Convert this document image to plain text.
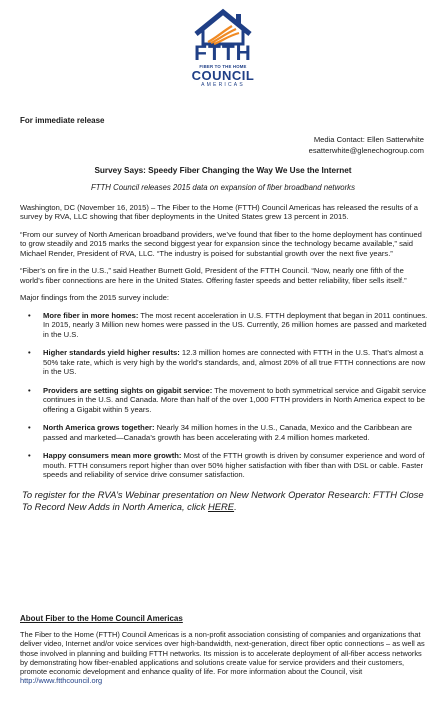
FTTH
FIBER TO THE HOME
COUNCIL
AMERICAS
For immediate release
Media Contact: Ellen Satterwhite
esatterwhite@glenechogroup.com
Survey Says: Speedy Fiber Changing the Way We Use the Internet
FTTH Council releases 2015 data on expansion of fiber broadband networks

Washington, DC (November 16, 2015) – The Fiber to the Home (FTTH) Council Americas has released the results of a survey by RVA, LLC showing that fiber deployments in the United States grew 13 percent in 2015.

“From our survey of North American broadband providers, we’ve found that fiber to the home deployment has continued to grow steadily and 2015 marks the second biggest year for expansion since the technology became available,” said Michael Render, President of RVA, LLC. “The industry is poised for substantial growth over the next five years.”

“Fiber’s on fire in the U.S.,” said Heather Burnett Gold, President of the FTTH Council. “Now, nearly one fifth of the world’s fiber connections are here in the United States. Offering faster speeds and better reliability, fiber sells itself.”

Major findings from the 2015 survey include:

• More fiber in more homes: The most recent acceleration in U.S. FTTH deployment that began in 2011 continues. In 2015, nearly 3 Million new homes were passed in the US. Currently, 26 million homes are passed and marketed in the U.S.
• Higher standards yield higher results: 12.3 million homes are connected with FTTH in the U.S. That’s almost a 50% take rate, which is very high by the world’s standards, and, almost 20% of all true FTTH connections are now in the US.
• Providers are setting sights on gigabit service: The movement to both symmetrical service and Gigabit service continues in the U.S. and Canada. More than half of the over 1,000 FTTH providers in North America expect to be offering a Gigabit within 5 years.
• North America grows together: Nearly 34 million homes in the U.S., Canada, Mexico and the Caribbean are passed and marketed—Canada’s growth has been accelerating with 2.4 million homes marketed.
• Happy consumers mean more growth: Most of the FTTH growth is driven by consumer experience and word of mouth. FTTH consumers report higher than over 50% higher satisfaction with fiber than with DSL or cable. Faster speeds and reliability of service drive consumer satisfaction.

To register for the RVA’s Webinar presentation on New Network Operator Research: FTTH Close To Record New Adds in North America, click HERE.

About Fiber to the Home Council Americas
The Fiber to the Home (FTTH) Council Americas is a non-profit association consisting of companies and organizations that deliver video, Internet and/or voice services over high-bandwidth, next-generation, direct fiber optic connections – as well as those involved in planning and building FTTH networks. Its mission is to accelerate deployment of all-fiber access networks by demonstrating how fiber-enabled applications and solutions create value for service providers and their customers, promote economic development and enhance quality of life. For more information about the Council, visit http://www.ftthcouncil.org
